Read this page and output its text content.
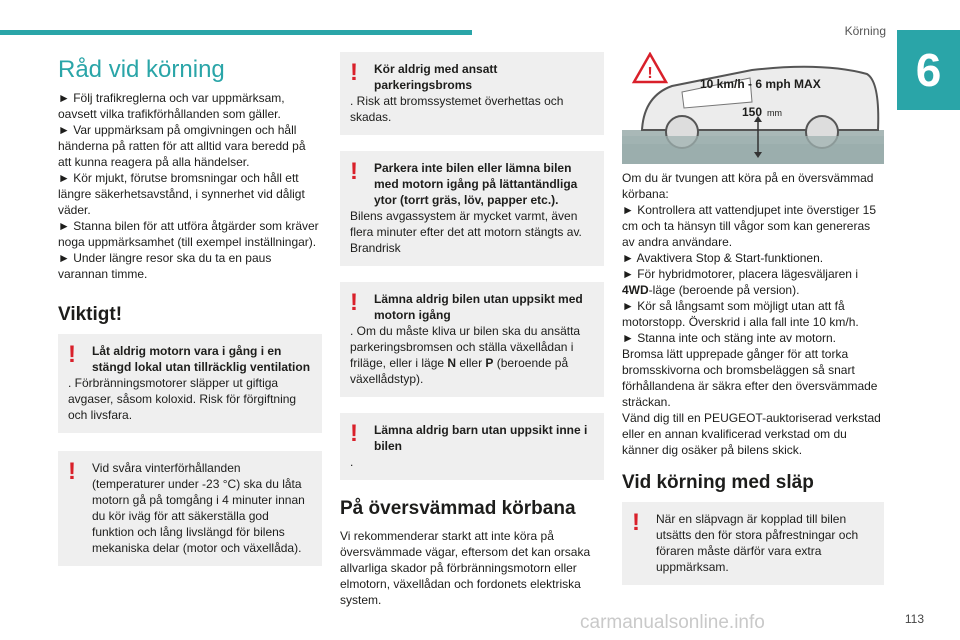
Körning
6
Råd vid körning

► Följ trafikreglerna och var uppmärksam, oavsett vilka trafikförhållanden som gäller.

► Var uppmärksam på omgivningen och håll händerna på ratten för att alltid vara beredd på att kunna reagera på alla händelser.

► Kör mjukt, förutse bromsningar och håll ett längre säkerhetsavstånd, i synnerhet vid dåligt väder.

► Stanna bilen för att utföra åtgärder som kräver noga uppmärksamhet (till exempel inställningar).

► Under längre resor ska du ta en paus varannan timme.

Viktigt!
!	Låt aldrig motorn vara i gång i en stängd lokal utan tillräcklig ventilation
. Förbränningsmotorer släpper ut giftiga avgaser, såsom koloxid. Risk för förgiftning och livsfara.
!	Vid svåra vinterförhållanden (temperaturer under -23 °C) ska du låta motorn gå på tomgång i 4 minuter innan du kör iväg för att säkerställa god funktion och lång livslängd för bilens mekaniska delar (motor och växellåda).
!	Kör aldrig med ansatt parkeringsbroms
. Risk att bromssystemet överhettas och skadas.
!	Parkera inte bilen eller lämna bilen med motorn igång på lättantändliga ytor (torrt gräs, löv, papper etc.).
Bilens avgassystem är mycket varmt, även flera minuter efter det att motorn stängts av. Brandrisk
!	Lämna aldrig bilen utan uppsikt med motorn igång
. Om du måste kliva ur bilen ska du ansätta parkeringsbromsen och ställa växellådan i friläge, eller i läge N eller P (beroende på växellådstyp).
!	Lämna aldrig barn utan uppsikt inne i bilen
.
På översvämmad körbana

Vi rekommenderar starkt att inte köra på översvämmade vägar, eftersom det kan orsaka allvarliga skador på förbränningsmotorn eller elmotorn, växellådan och fordonets elektriska system.

!
10 km/h - 6 mph MAX
150 mm

Om du är tvungen att köra på en översvämmad körbana:

► Kontrollera att vattendjupet inte överstiger 15 cm och ta hänsyn till vågor som kan genereras av andra användare.

► Avaktivera Stop & Start-funktionen.

► För hybridmotorer, placera lägesväljaren i 4WD-läge (beroende på version).

► Kör så långsamt som möjligt utan att få motorstopp. Överskrid i alla fall inte 10 km/h.

► Stanna inte och stäng inte av motorn.

Bromsa lätt upprepade gånger för att torka bromsskivorna och bromsbeläggen så snart förhållandena är säkra efter den översvämmade sträckan.

Vänd dig till en PEUGEOT-auktoriserad verkstad eller en annan kvalificerad verkstad om du känner dig osäker på bilens skick.

Vid körning med släp
!	När en släpvagn är kopplad till bilen utsätts den för stora påfrestningar och föraren måste därför vara extra uppmärksam.
carmanualsonline.info	113
